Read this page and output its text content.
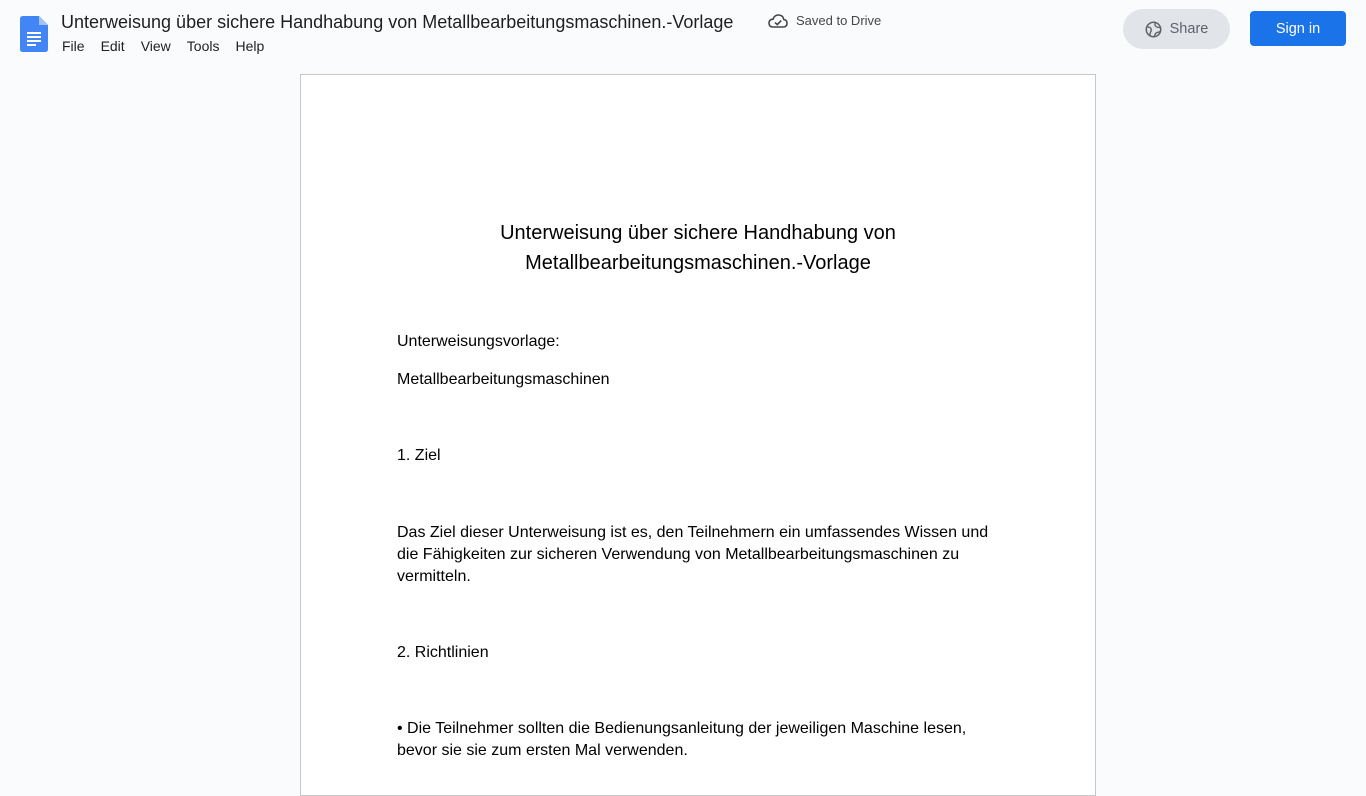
Unterweisung über sichere Handhabung von Metallbearbeitungsmaschinen.-Vorlage	Saved to Drive
File	Edit	View	Tools	Help
Share	Sign in
Unterweisung über sichere Handhabung von
Metallbearbeitungsmaschinen.-Vorlage
Unterweisungsvorlage:
Metallbearbeitungsmaschinen
1. Ziel
Das Ziel dieser Unterweisung ist es, den Teilnehmern ein umfassendes Wissen und die Fähigkeiten zur sicheren Verwendung von Metallbearbeitungsmaschinen zu vermitteln.
2. Richtlinien
• Die Teilnehmer sollten die Bedienungsanleitung der jeweiligen Maschine lesen, bevor sie sie zum ersten Mal verwenden.
